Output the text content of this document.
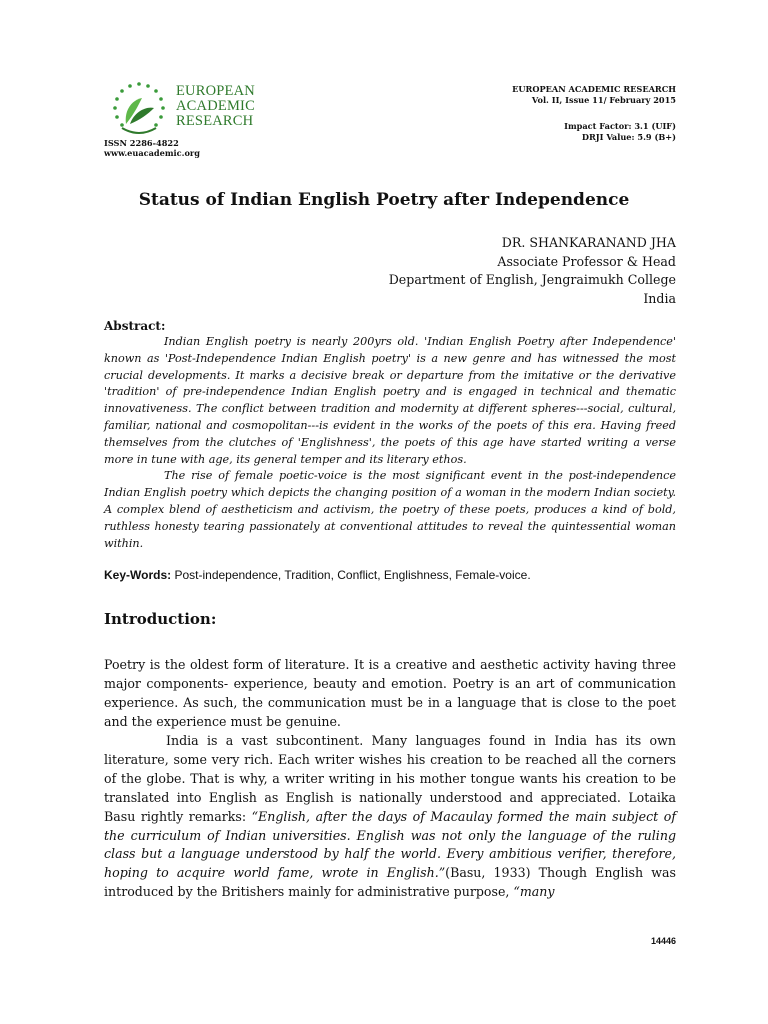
EUROPEAN
ACADEMIC
RESEARCH
ISSN 2286-4822
www.euacademic.org
EUROPEAN ACADEMIC RESEARCH
Vol. II, Issue 11/ February 2015
Impact Factor: 3.1 (UIF)
DRJI Value: 5.9 (B+)
Status of Indian English Poetry after Independence
DR. SHANKARANAND JHA
Associate Professor & Head
Department of English, Jengraimukh College
India
Abstract:

Indian English poetry is nearly 200yrs old. 'Indian English Poetry after Independence' known as 'Post-Independence Indian English poetry' is a new genre and has witnessed the most crucial developments. It marks a decisive break or departure from the imitative or the derivative 'tradition' of pre-independence Indian English poetry and is engaged in technical and thematic innovativeness. The conflict between tradition and modernity at different spheres---social, cultural, familiar, national and cosmopolitan---is evident in the works of the poets of this era. Having freed themselves from the clutches of 'Englishness', the poets of this age have started writing a verse more in tune with age, its general temper and its literary ethos.

The rise of female poetic-voice is the most significant event in the post-independence Indian English poetry which depicts the changing position of a woman in the modern Indian society. A complex blend of aestheticism and activism, the poetry of these poets, produces a kind of bold, ruthless honesty tearing passionately at conventional attitudes to reveal the quintessential woman within.

Key-Words: Post-independence, Tradition, Conflict, Englishness, Female-voice.
Introduction:

Poetry is the oldest form of literature. It is a creative and aesthetic activity having three major components- experience, beauty and emotion. Poetry is an art of communication experience. As such, the communication must be in a language that is close to the poet and the experience must be genuine.

India is a vast subcontinent. Many languages found in India has its own literature, some very rich. Each writer wishes his creation to be reached all the corners of the globe. That is why, a writer writing in his mother tongue wants his creation to be translated into English as English is nationally understood and appreciated. Lotaika Basu rightly remarks: “English, after the days of Macaulay formed the main subject of the curriculum of Indian universities. English was not only the language of the ruling class but a language understood by half the world. Every ambitious verifier, therefore, hoping to acquire world fame, wrote in English.”(Basu, 1933) Though English was introduced by the Britishers mainly for administrative purpose, “many

14446
